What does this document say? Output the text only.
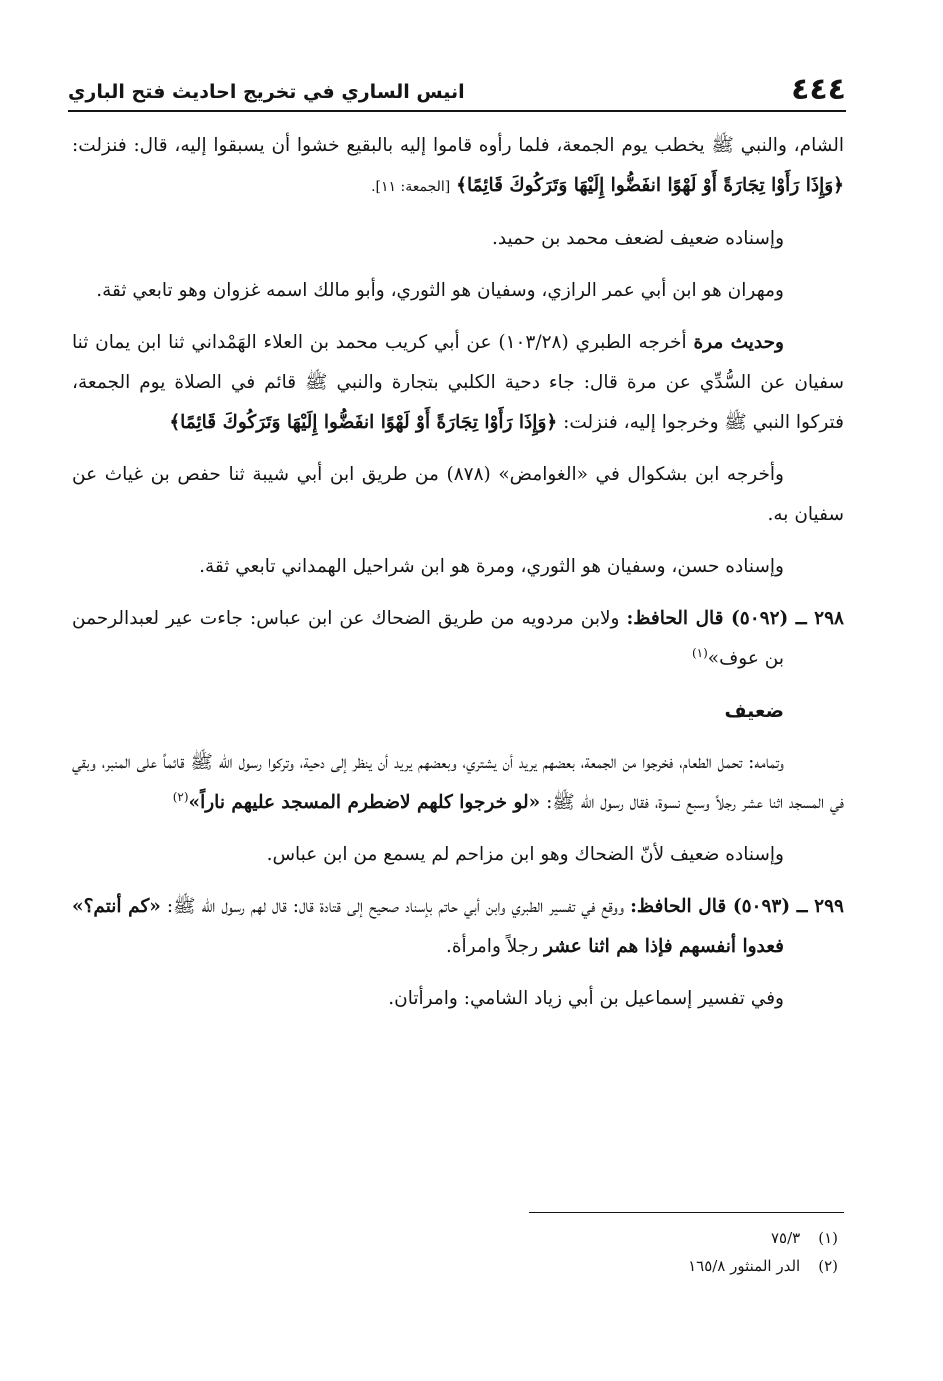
٤٤٤
انيس الساري في تخريج احاديث فتح الباري

الشام، والنبي ﷺ يخطب يوم الجمعة، فلما رأوه قاموا إليه بالبقيع خشوا أن يسبقوا إليه، قال: فنزلت: ﴿وَإِذَا رَأَوْا تِجَارَةً أَوْ لَهْوًا انفَضُّوا إِلَيْهَا وَتَرَكُوكَ قَائِمًا﴾ [الجمعة: ١١].

وإسناده ضعيف لضعف محمد بن حميد.

ومهران هو ابن أبي عمر الرازي، وسفيان هو الثوري، وأبو مالك اسمه غزوان وهو تابعي ثقة.

وحديث مرة أخرجه الطبري (١٠٣/٢٨) عن أبي كريب محمد بن العلاء الهَمْداني ثنا ابن يمان ثنا سفيان عن السُّدِّي عن مرة قال: جاء دحية الكلبي بتجارة والنبي ﷺ قائم في الصلاة يوم الجمعة، فتركوا النبي ﷺ وخرجوا إليه، فنزلت: ﴿وَإِذَا رَأَوْا تِجَارَةً أَوْ لَهْوًا انفَضُّوا إِلَيْهَا وَتَرَكُوكَ قَائِمًا﴾

وأخرجه ابن بشكوال في «الغوامض» (٨٧٨) من طريق ابن أبي شيبة ثنا حفص بن غياث عن سفيان به.

وإسناده حسن، وسفيان هو الثوري، ومرة هو ابن شراحيل الهمداني تابعي ثقة.

٢٩٨ ــ (٥٠٩٢) قال الحافظ: ولابن مردويه من طريق الضحاك عن ابن عباس: جاءت عير لعبدالرحمن بن عوف»$^{(١)}$

ضعيف

وتمامه: تحمل الطعام، فخرجوا من الجمعة، بعضهم يريد أن يشتري، وبعضهم يريد أن ينظر إلى دحية، وتركوا رسول الله ﷺ قائماً على المنبر، وبقي في المسجد اثنا عشر رجلاً وسبع نسوة، فقال رسول الله ﷺ: «لو خرجوا كلهم لاضطرم المسجد عليهم ناراً»$^{(٢)}$

وإسناده ضعيف لأنّ الضحاك وهو ابن مزاحم لم يسمع من ابن عباس.

٢٩٩ ــ (٥٠٩٣) قال الحافظ: ووقع في تفسير الطبري وابن أبي حاتم بإسناد صحيح إلى قتادة قال: قال لهم رسول الله ﷺ: «كم أنتم؟» فعدوا أنفسهم فإذا هم اثنا عشر رجلاً وامرأة.

وفي تفسير إسماعيل بن أبي زياد الشامي: وامرأتان.

(١)٧٥/٣
(٢)الدر المنثور ١٦٥/٨
